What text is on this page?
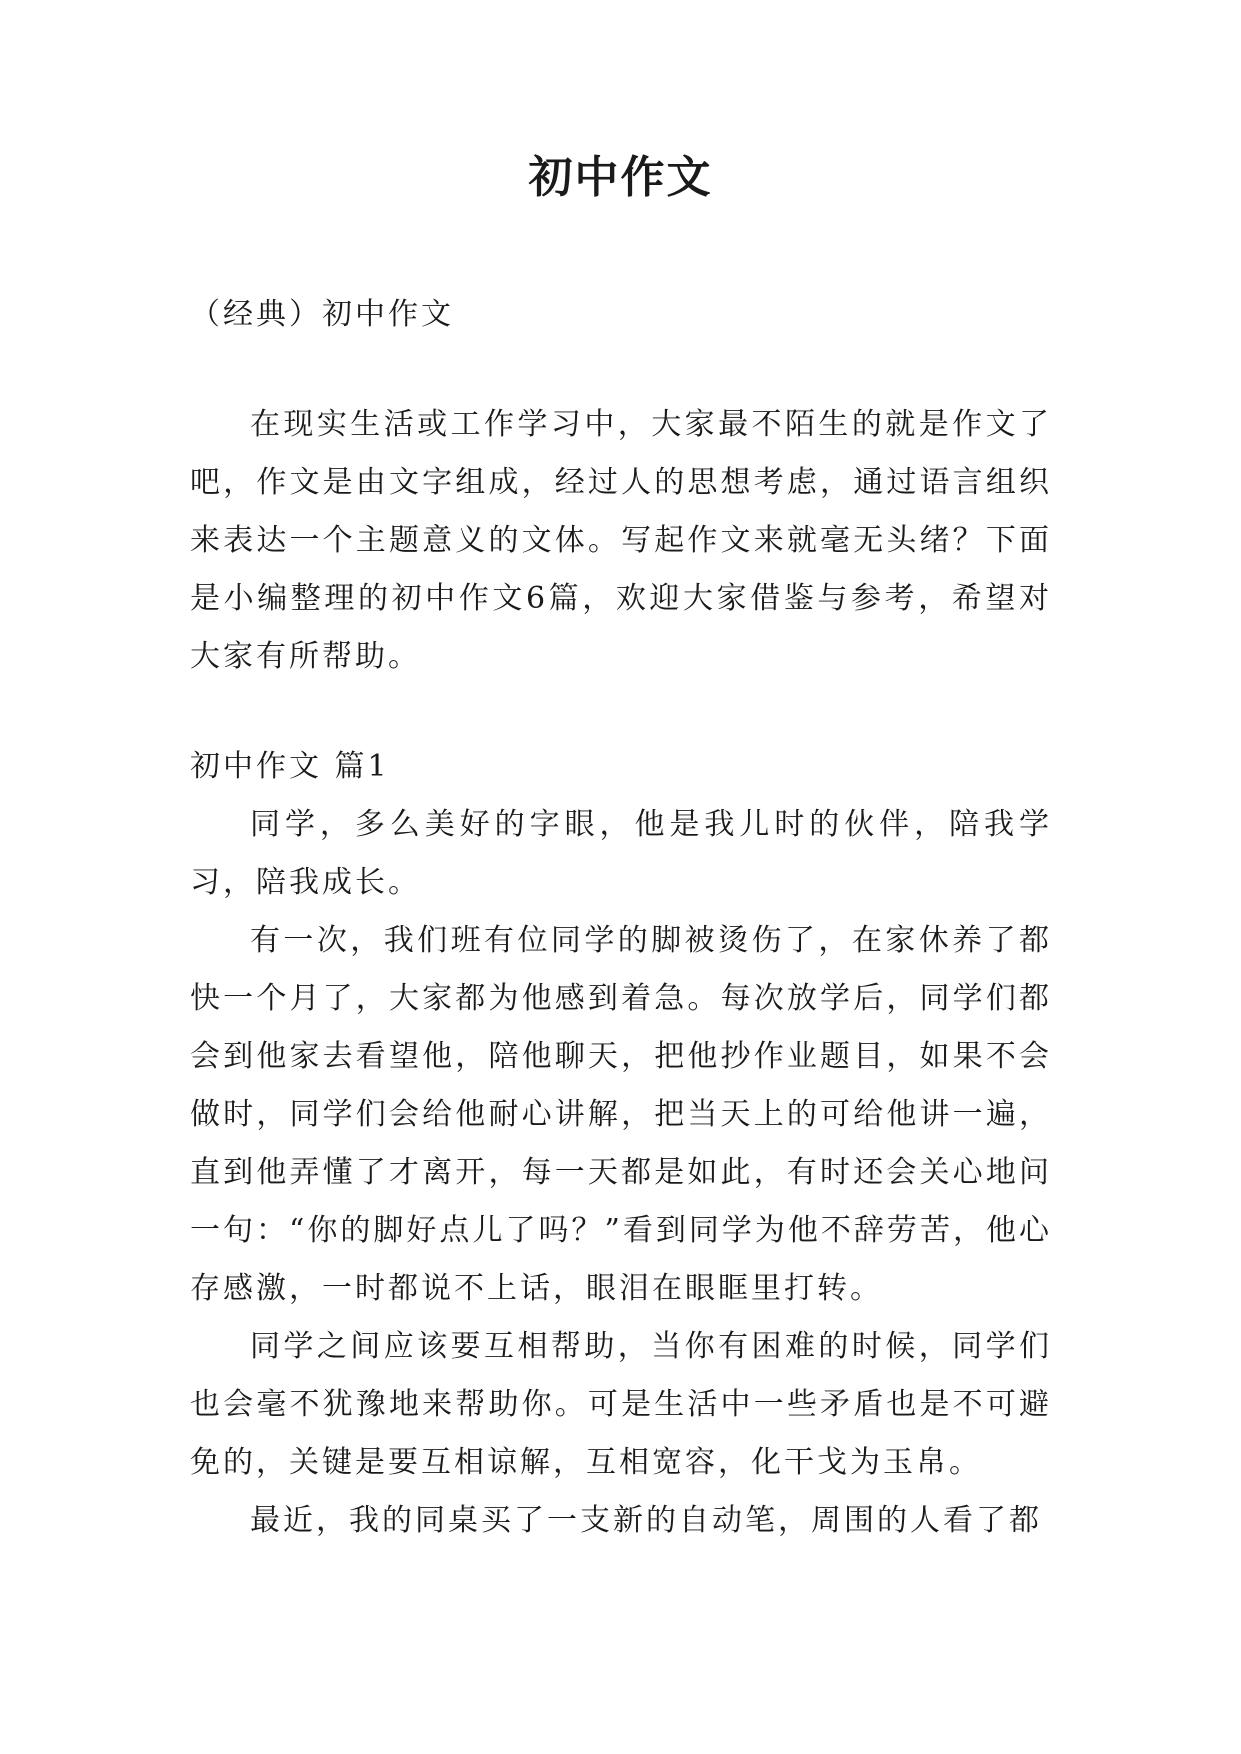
初中作文

（经典）初中作文

在现实生活或工作学习中，大家最不陌生的就是作文了吧，作文是由文字组成，经过人的思想考虑，通过语言组织来表达一个主题意义的文体。写起作文来就毫无头绪？下面是小编整理的初中作文6篇，欢迎大家借鉴与参考，希望对大家有所帮助。

初中作文 篇1

同学，多么美好的字眼，他是我儿时的伙伴，陪我学习，陪我成长。

有一次，我们班有位同学的脚被烫伤了，在家休养了都快一个月了，大家都为他感到着急。每次放学后，同学们都会到他家去看望他，陪他聊天，把他抄作业题目，如果不会做时，同学们会给他耐心讲解，把当天上的可给他讲一遍，直到他弄懂了才离开，每一天都是如此，有时还会关心地问一句：“你的脚好点儿了吗？”看到同学为他不辞劳苦，他心存感激，一时都说不上话，眼泪在眼眶里打转。

同学之间应该要互相帮助，当你有困难的时候，同学们也会毫不犹豫地来帮助你。可是生活中一些矛盾也是不可避免的，关键是要互相谅解，互相宽容，化干戈为玉帛。

最近，我的同桌买了一支新的自动笔，周围的人看了都
